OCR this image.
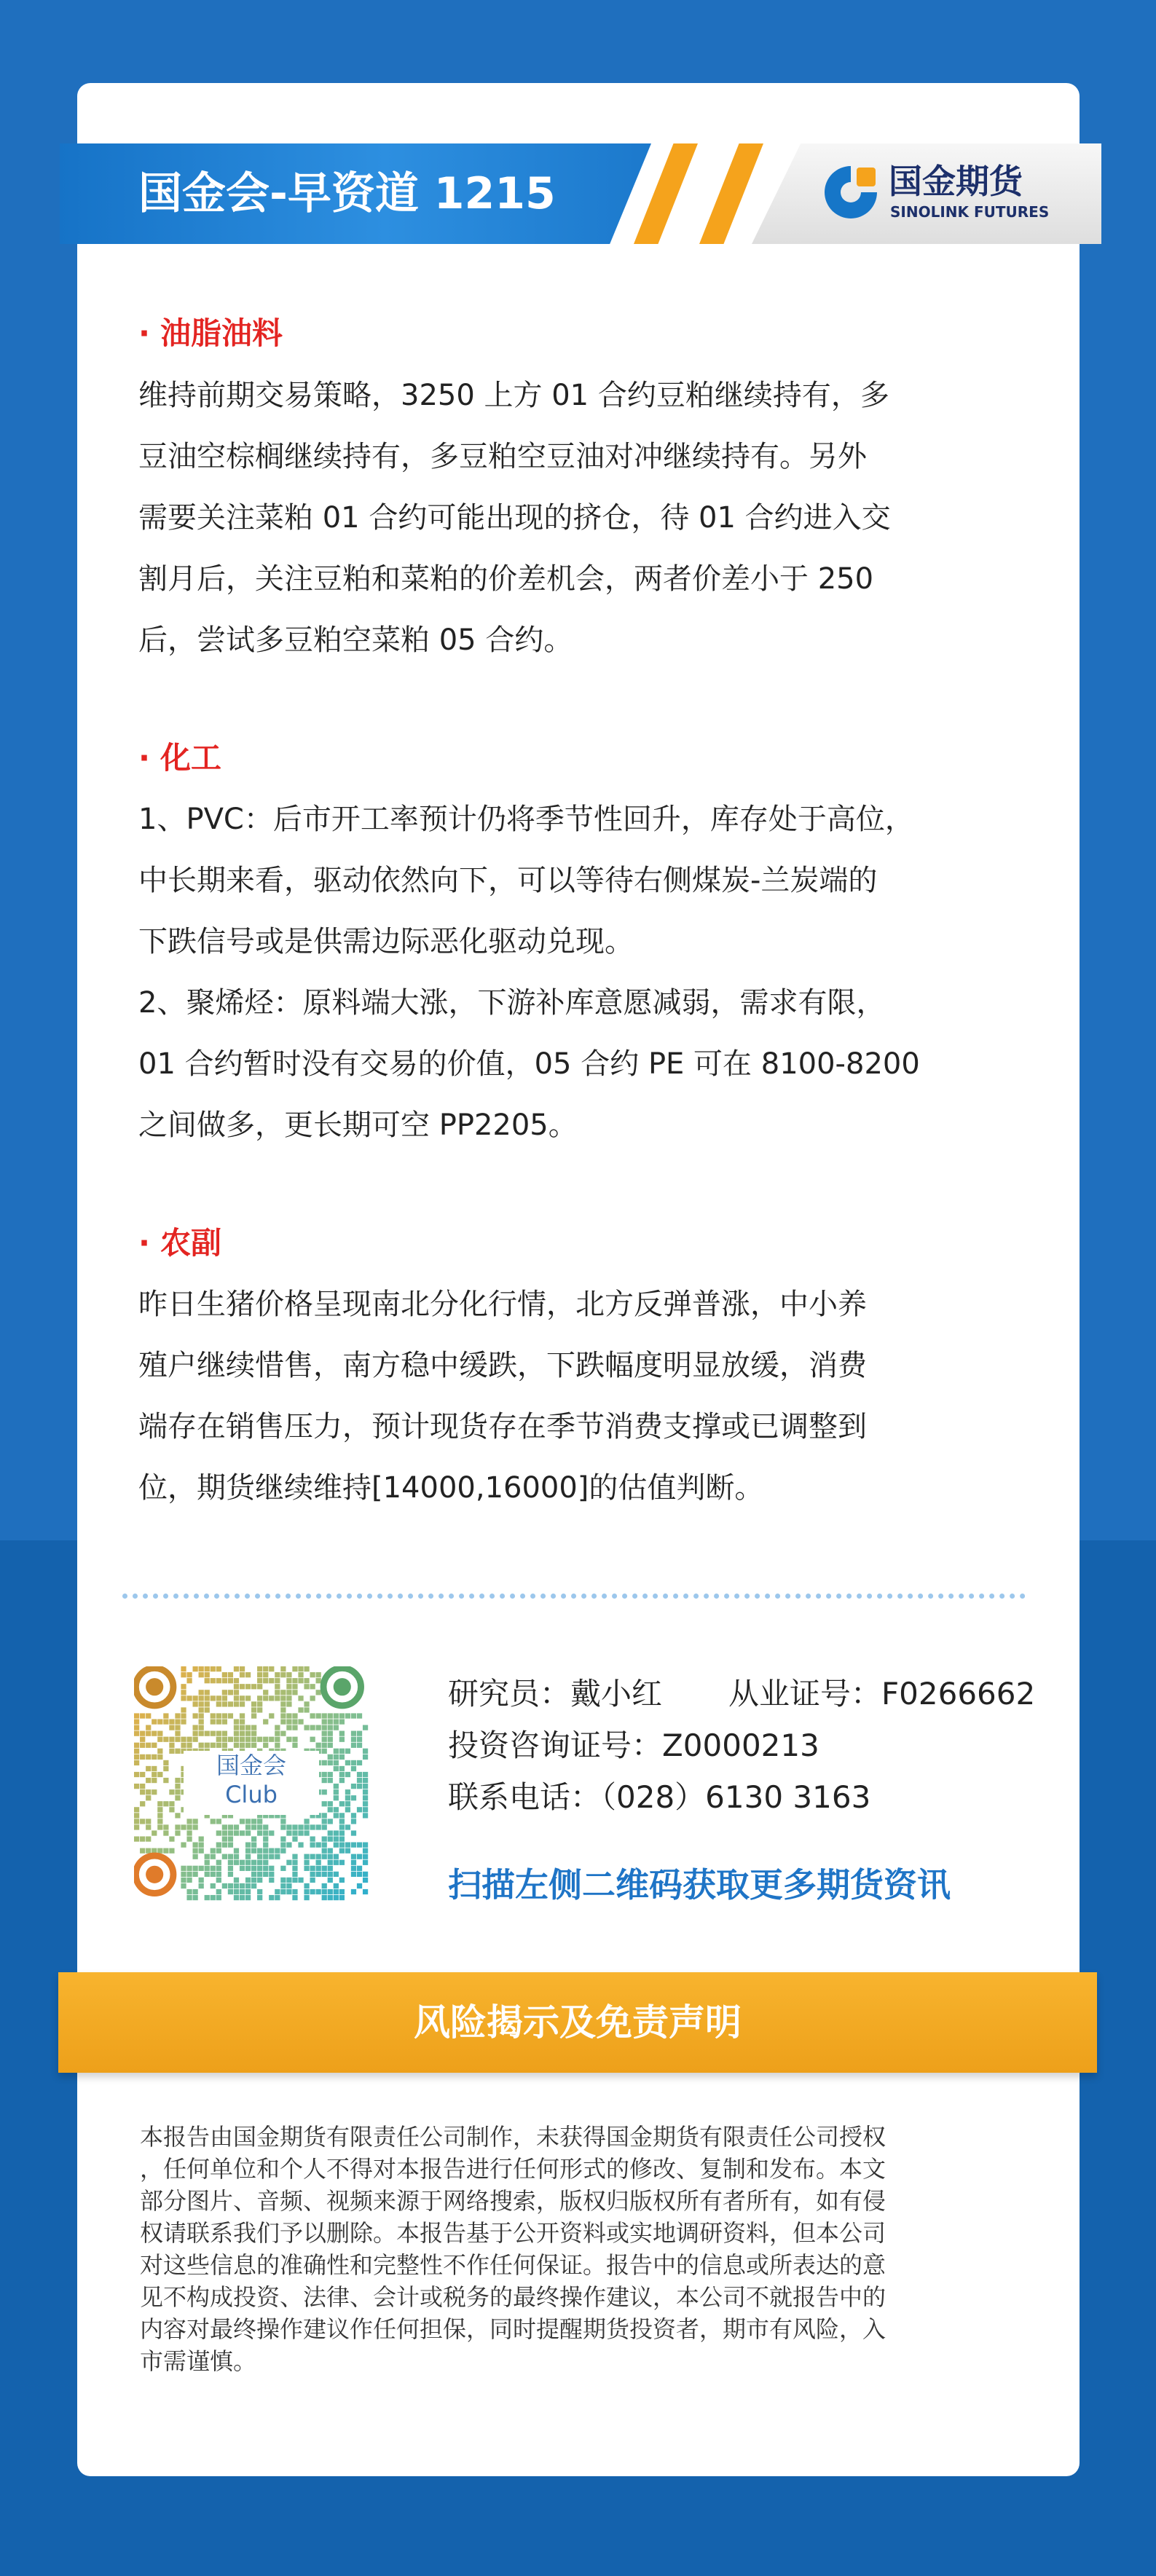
国金会-早资道 1215	国金期货
SINOLINK FUTURES
· 油脂油料
维持前期交易策略，3250 上方 01 合约豆粕继续持有，多
豆油空棕榈继续持有，多豆粕空豆油对冲继续持有。另外
需要关注菜粕 01 合约可能出现的挤仓，待 01 合约进入交
割月后，关注豆粕和菜粕的价差机会，两者价差小于 250
后，尝试多豆粕空菜粕 05 合约。
· 化工
1、PVC：后市开工率预计仍将季节性回升，库存处于高位，
中长期来看，驱动依然向下，可以等待右侧煤炭-兰炭端的
下跌信号或是供需边际恶化驱动兑现。
2、聚烯烃：原料端大涨，下游补库意愿减弱，需求有限，
01 合约暂时没有交易的价值，05 合约 PE 可在 8100-8200
之间做多，更长期可空 PP2205。
· 农副
昨日生猪价格呈现南北分化行情，北方反弹普涨，中小养
殖户继续惜售，南方稳中缓跌，下跌幅度明显放缓，消费
端存在销售压力，预计现货存在季节消费支撑或已调整到
位，期货继续维持[14000,16000]的估值判断。
国金会
Club
研究员：戴小红 从业证号：F0266662
投资咨询证号：Z0000213
联系电话：（028）6130 3163
扫描左侧二维码获取更多期货资讯
风险揭示及免责声明
本报告由国金期货有限责任公司制作，未获得国金期货有限责任公司授权
，任何单位和个人不得对本报告进行任何形式的修改、复制和发布。本文
部分图片、音频、视频来源于网络搜索，版权归版权所有者所有，如有侵
权请联系我们予以删除。本报告基于公开资料或实地调研资料，但本公司
对这些信息的准确性和完整性不作任何保证。报告中的信息或所表达的意
见不构成投资、法律、会计或税务的最终操作建议，本公司不就报告中的
内容对最终操作建议作任何担保，同时提醒期货投资者，期市有风险，入
市需谨慎。
